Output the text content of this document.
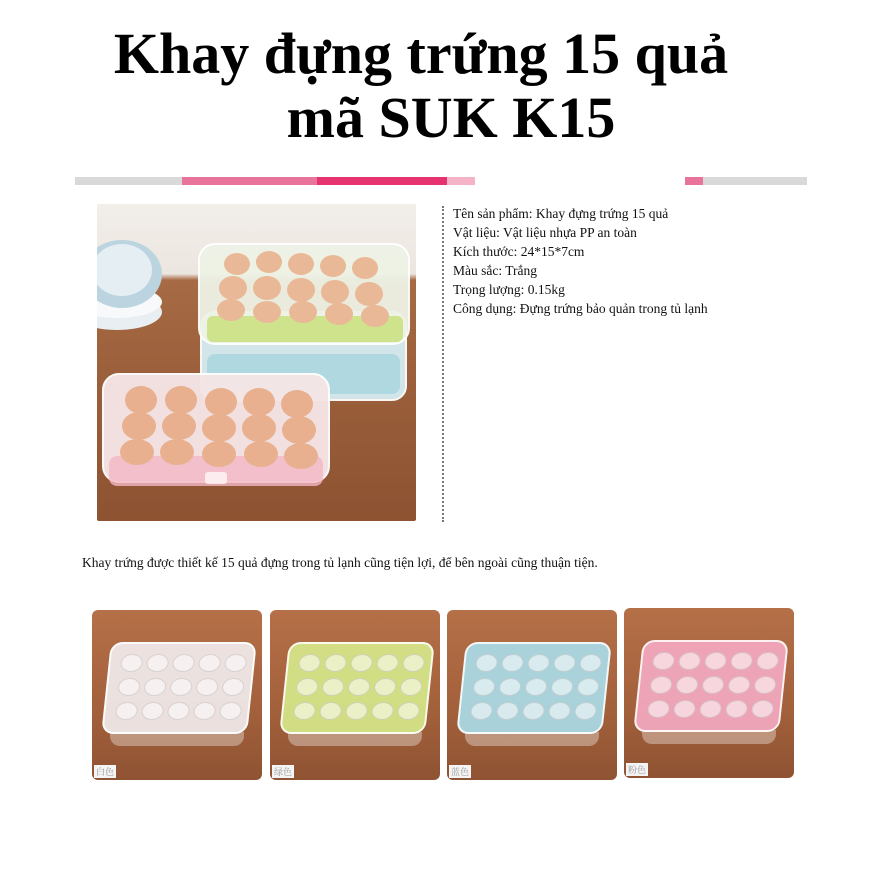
Khay đựng trứng 15 quả
mã SUK K15
Tên sản phẩm: Khay đựng trứng 15 quả
Vật liệu: Vật liệu nhựa PP an toàn
Kích thước: 24*15*7cm
Màu sắc: Trắng
Trọng lượng: 0.15kg
Công dụng: Đựng trứng bảo quản trong tủ lạnh
Khay trứng được thiết kế 15 quả đựng trong tủ lạnh cũng tiện lợi, để bên ngoài cũng thuận tiện.
白色	绿色	蓝色	粉色
